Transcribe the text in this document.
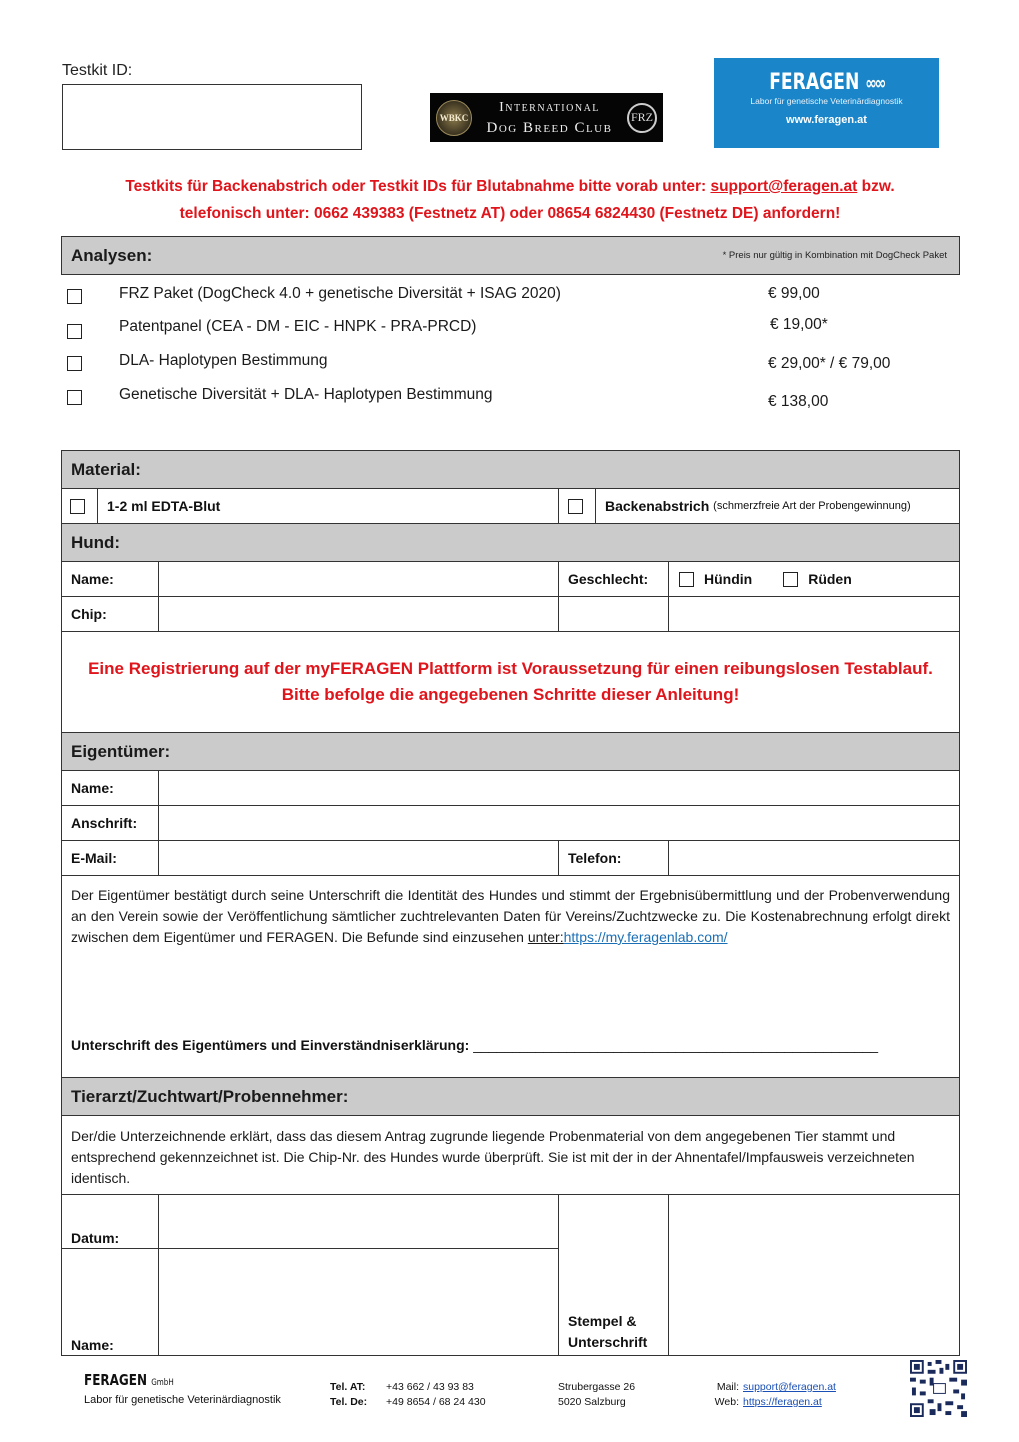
Testkit ID:
WBKC
International
Dog Breed Club
FRZ
FERAGEN ∞∞
Labor für genetische Veterinärdiagnostik
www.feragen.at
Testkits für Backenabstrich oder Testkit IDs für Blutabnahme bitte vorab unter: support@feragen.at bzw.
telefonisch unter: 0662 439383 (Festnetz AT) oder 08654 6824430 (Festnetz DE) anfordern!
Analysen:	* Preis nur gültig in Kombination mit DogCheck Paket
FRZ Paket (DogCheck 4.0 + genetische Diversität + ISAG 2020)	€ 99,00
Patentpanel (CEA - DM - EIC - HNPK - PRA-PRCD)	€ 19,00*
DLA- Haplotypen Bestimmung	€ 29,00* / € 79,00
Genetische Diversität + DLA- Haplotypen Bestimmung	€ 138,00
Material:
1-2 ml EDTA-Blut	Backenabstrich
(schmerzfreie Art der Probengewinnung)
Hund:
Name:	Geschlecht:	Hündin	Rüden
Chip:
Eine Registrierung auf der myFERAGEN Plattform ist Voraussetzung für einen reibungslosen Testablauf.
Bitte befolge die angegebenen Schritte dieser Anleitung!
Eigentümer:
Name:
Anschrift:
E-Mail:	Telefon:

Der Eigentümer bestätigt durch seine Unterschrift die Identität des Hundes und stimmt der Ergebnisübermittlung und der Probenverwendung an den Verein sowie der Veröffentlichung sämtlicher zuchtrelevanten Daten für Vereins/Zuchtzwecke zu. Die Kostenabrechnung erfolgt direkt zwischen dem Eigentümer und FERAGEN. Die Befunde sind einzusehen unter:https://my.feragenlab.com/

Unterschrift des Eigentümers und Einverständniserklärung: ____________________________________________________
Tierarzt/Zuchtwart/Probennehmer:

Der/die Unterzeichnende erklärt, dass das diesem Antrag zugrunde liegende Probenmaterial von dem angegebenen Tier stammt und entsprechend gekennzeichnet ist. Die Chip-Nr. des Hundes wurde überprüft. Sie ist mit der in der Ahnentafel/Impfausweis verzeichneten identisch.

Datum:
Name:
Stempel &
Unterschrift
FERAGEN GmbH
Labor für genetische Veterinärdiagnostik
Tel. AT: +43 662 / 43 93 83
Tel. De: +49 8654 / 68 24 430
Strubergasse 26
5020 Salzburg
Mail: support@feragen.at
Web: https://feragen.at
